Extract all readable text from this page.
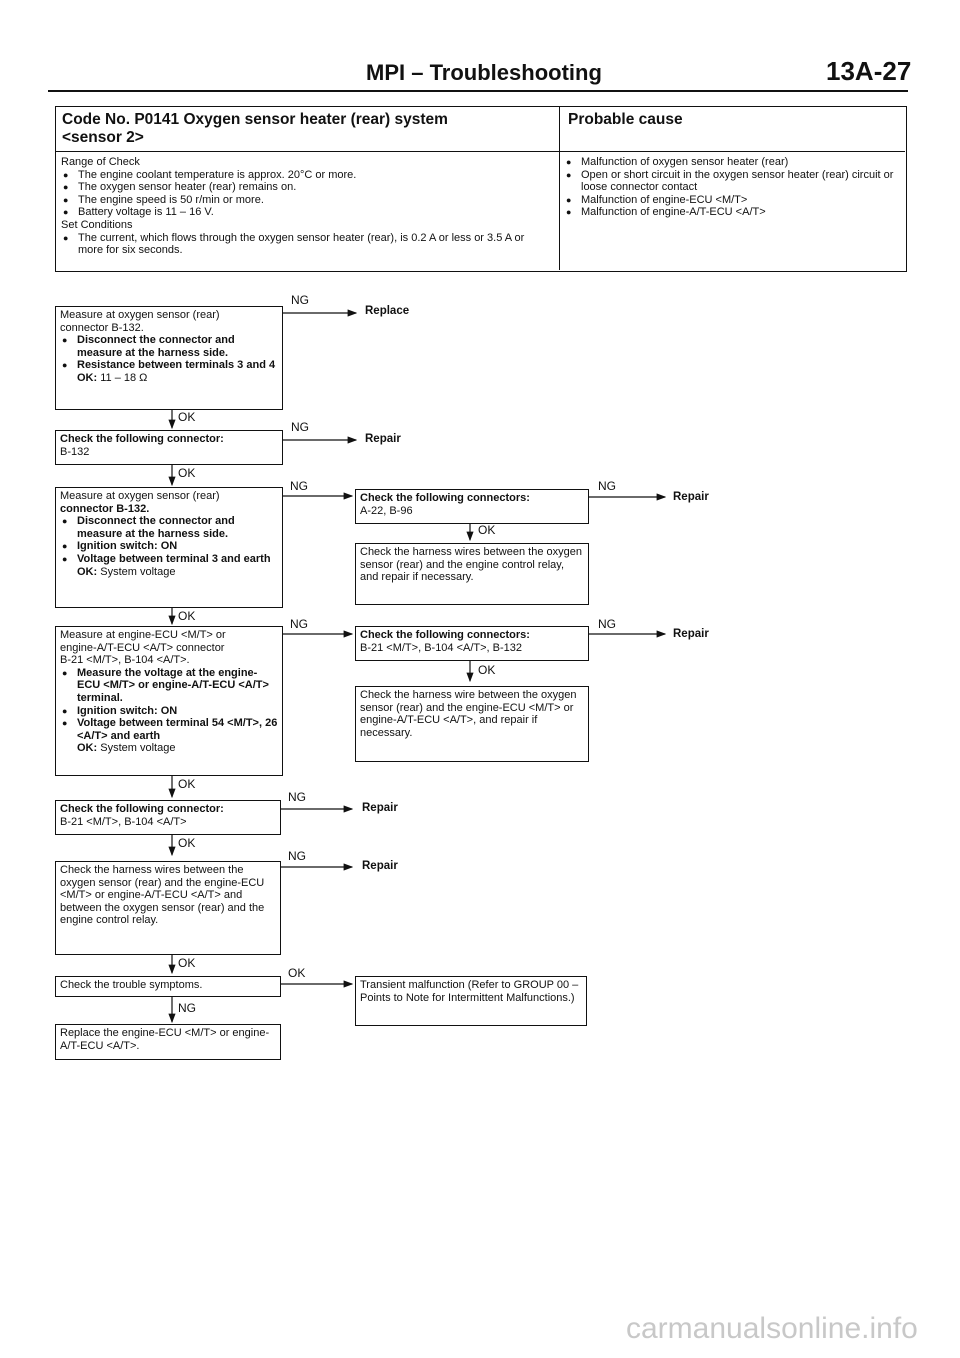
MPI – Troubleshooting	13A-27
Code No. P0141 Oxygen sensor heater (rear) system
<sensor 2>
Probable cause
Range of Check
● The engine coolant temperature is approx. 20°C or more.
● The oxygen sensor heater (rear) remains on.
● The engine speed is 50 r/min or more.
● Battery voltage is 11 – 16 V.
Set Conditions
● The current, which flows through the oxygen sensor heater (rear), is 0.2 A or less or 3.5 A or more for six seconds.
● Malfunction of oxygen sensor heater (rear)
● Open or short circuit in the oxygen sensor heater (rear) circuit or loose connector contact
● Malfunction of engine-ECU <M/T>
● Malfunction of engine-A/T-ECU <A/T>
Measure at oxygen sensor (rear)
connector B-132.
● Disconnect the connector and measure at the harness side.
● Resistance between terminals 3 and 4
OK: 11 – 18 Ω
NG
Replace
OK
Check the following connector:
B-132
NG
Repair
OK
Measure at oxygen sensor (rear)
connector B-132.
● Disconnect the connector and measure at the harness side.
● Ignition switch: ON
● Voltage between terminal 3 and earth
OK: System voltage
NG
Check the following connectors:
A-22, B-96
NG
Repair
OK
Check the harness wires between the oxygen sensor (rear) and the engine control relay, and repair if necessary.
OK
Measure at engine-ECU <M/T> or
engine-A/T-ECU <A/T> connector
B-21 <M/T>, B-104 <A/T>.
● Measure the voltage at the engine-ECU <M/T> or engine-A/T-ECU <A/T> terminal.
● Ignition switch: ON
● Voltage between terminal 54 <M/T>, 26 <A/T> and earth
OK: System voltage
NG
Check the following connectors:
B-21 <M/T>, B-104 <A/T>, B-132
NG
Repair
OK
Check the harness wire between the oxygen sensor (rear) and the engine-ECU <M/T> or engine-A/T-ECU <A/T>, and repair if necessary.
OK
Check the following connector:
B-21 <M/T>, B-104 <A/T>
NG
Repair
OK
Check the harness wires between the oxygen sensor (rear) and the engine-ECU <M/T> or engine-A/T-ECU <A/T> and between the oxygen sensor (rear) and the engine control relay.
NG
Repair
OK
Check the trouble symptoms.
OK
Transient malfunction (Refer to GROUP 00 – Points to Note for Intermittent Malfunctions.)
NG
Replace the engine-ECU <M/T> or engine-A/T-ECU <A/T>.
carmanualsonline.info
